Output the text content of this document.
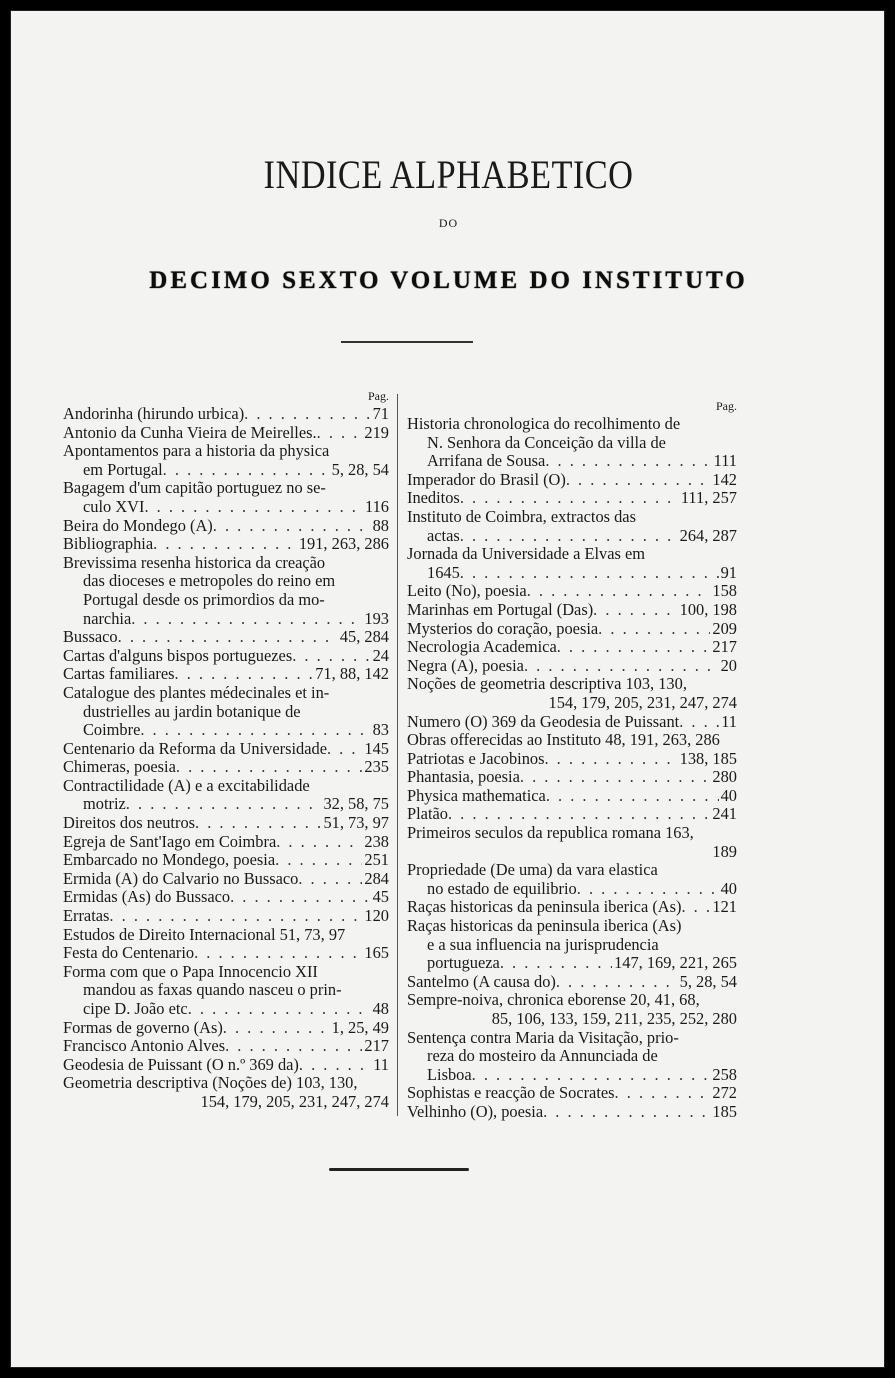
INDICE ALPHABETICO
DO
DECIMO SEXTO VOLUME DO INSTITUTO
Pag.
Andorinha (hirundo urbica) . . .	71
Antonio da Cunha Vieira de Meirelles. . . .	219
Apontamentos para a historia da physica
em Portugal . . .	5, 28, 54
Bagagem d'um capitão portuguez no se-
culo XVI . . .	116
Beira do Mondego (A) . . .	88
Bibliographia . . .	191, 263, 286
Brevissima resenha historica da creação
das dioceses e metropoles do reino em
Portugal desde os primordios da mo-
narchia . . .	193
Bussaco . . .	45, 284
Cartas d'alguns bispos portuguezes . . .	24
Cartas familiares . . .	71, 88, 142
Catalogue des plantes médecinales et in-
dustrielles au jardin botanique de
Coimbre . . .	83
Centenario da Reforma da Universidade . . . 145
Chimeras, poesia . . .	235
Contractilidade (A) e a excitabilidade
motriz . . .	32, 58, 75
Direitos dos neutros . . .	51, 73, 97
Egreja de Sant'Iago em Coimbra . . .	238
Embarcado no Mondego, poesia . . .	251
Ermida (A) do Calvario no Bussaco . . .	284
Ermidas (As) do Bussaco . . .	45
Erratas . . .	120
Estudos de Direito Internacional 51, 73, 97
Festa do Centenario . . .	165
Forma com que o Papa Innocencio XII
mandou as faxas quando nasceu o prin-
cipe D. João etc . . .	48
Formas de governo (As) . . .	1, 25, 49
Francisco Antonio Alves . . .	217
Geodesia de Puissant (O n.º 369 da) . . .	11
Geometria descriptiva (Noções de) 103, 130,
154, 179, 205, 231, 247, 274
Pag.
Historia chronologica do recolhimento de
N. Senhora da Conceição da villa de
Arrifana de Sousa . . .	111
Imperador do Brasil (O) . . .	142
Ineditos . . .	111, 257
Instituto de Coimbra, extractos das
actas . . .	264, 287
Jornada da Universidade a Elvas em
1645 . . .	91
Leito (No), poesia . . .	158
Marinhas em Portugal (Das) . . .	100, 198
Mysterios do coração, poesia . . .	209
Necrologia Academica . . .	217
Negra (A), poesia . . .	20
Noções de geometria descriptiva 103, 130,
154, 179, 205, 231, 247, 274
Numero (O) 369 da Geodesia de Puissant . . .	11
Obras offerecidas ao Instituto 48, 191, 263, 286
Patriotas e Jacobinos . . .	138, 185
Phantasia, poesia . . .	280
Physica mathematica . . .	40
Platão . . .	241
Primeiros seculos da republica romana 163,
189
Propriedade (De uma) da vara elastica
no estado de equilibrio . . .	40
Raças historicas da peninsula iberica (As) . . . 121
Raças historicas da peninsula iberica (As)
e a sua influencia na jurisprudencia
portugueza . . .	147, 169, 221, 265
Santelmo (A causa do) . . .	5, 28, 54
Sempre-noiva, chronica eborense 20, 41, 68,
85, 106, 133, 159, 211, 235, 252, 280
Sentença contra Maria da Visitação, prio-
reza do mosteiro da Annunciada de
Lisboa . . .	258
Sophistas e reacção de Socrates . . .	272
Velhinho (O), poesia . . .	185
